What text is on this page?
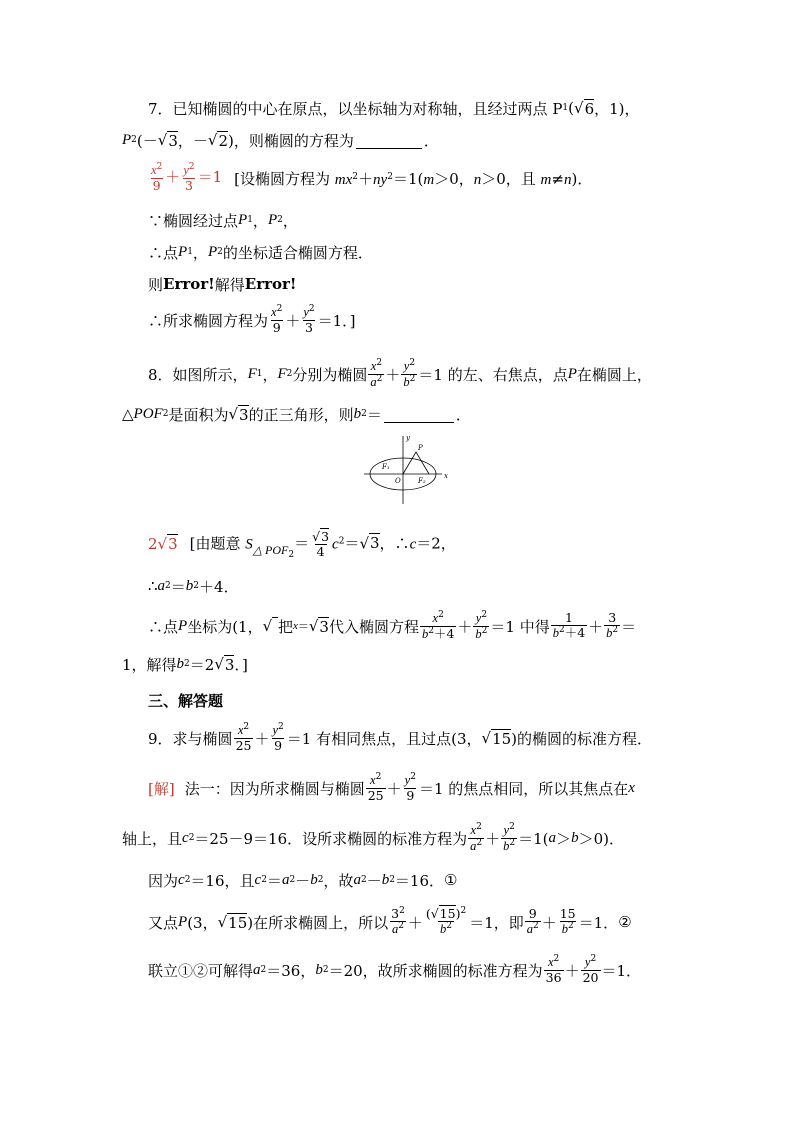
7． 已知椭圆的中心在原点，以坐标轴为对称轴，且经过两点 P 1 ( √ 6 ，1)，
P 2 (－ √ 3 ，－ √ 2 )，则椭圆的方程为	．
$\frac{x^2}{9} + \frac{y^2}{3} =1$ [设椭圆方程为 $mx^2+ny^2=1(m>0$，n＞0，且 m≠n)．
∵椭圆经过点 P 1 ， P 2 ，
∴点 P 1 ， P 2 的坐标适合椭圆方程．
则 Error! 解得 Error!
∴所求椭圆方程为 $\frac{x^2}{9} + \frac{y^2}{3} =1$．]
8． 如图所示， F 1 ， F 2 分别为椭圆 $\frac{x^2}{a^2} + \frac{y^2}{b^2} =1$ 的左、右焦点，点 P 在椭圆上，
△ POF 2 是面积为 √ 3 的正三角形，则 b 2 ＝	．
y
P
F₁
O F₂
x
2√3 [由题意 $S_{\triangle POF_2}= \frac{√3}{4} c^2=√3$，∴c＝2，
∴ a 2 ＝ b 2 ＋4．
∴点 P 坐标为(1， √
把 x ＝ √ 3 代入椭圆方程 $\frac{x^2}{b^2+4} + \frac{y^2}{b^2} =1$ 中得 $\frac{1}{b^2+4} + \frac{3}{b^2}$ ＝
1，解得 b 2 ＝2 √ 3 ．]
三、解答题
9． 求与椭圆 $\frac{x^2}{25} + \frac{y^2}{9} =1$ 有相同焦点，且过点(3， √ 15 )的椭圆的标准方程．
[解] 法一：因为所求椭圆与椭圆 $\frac{x^2}{25} + \frac{y^2}{9} =1$ 的焦点相同，所以其焦点在 x
轴上，且 c 2 ＝25－9＝16．设所求椭圆的标准方程为 $\frac{x^2}{a^2} + \frac{y^2}{b^2} =1$( a ＞ b ＞0)．
因为 c 2 ＝16，且 c 2 ＝ a 2 － b 2 ，故 a 2 － b 2 ＝16． ①
又点 P (3， √ 15 )在所求椭圆上，所以 $\frac{3^2}{a^2} + \frac{(√15)^2}{b^2} =1$，即 $\frac{9}{a^2} + \frac{15}{b^2} =1$． ②
联立①②可解得 a 2 ＝36， b 2 ＝20，故所求椭圆的标准方程为 $\frac{x^2}{36} + \frac{y^2}{20} =1$．
